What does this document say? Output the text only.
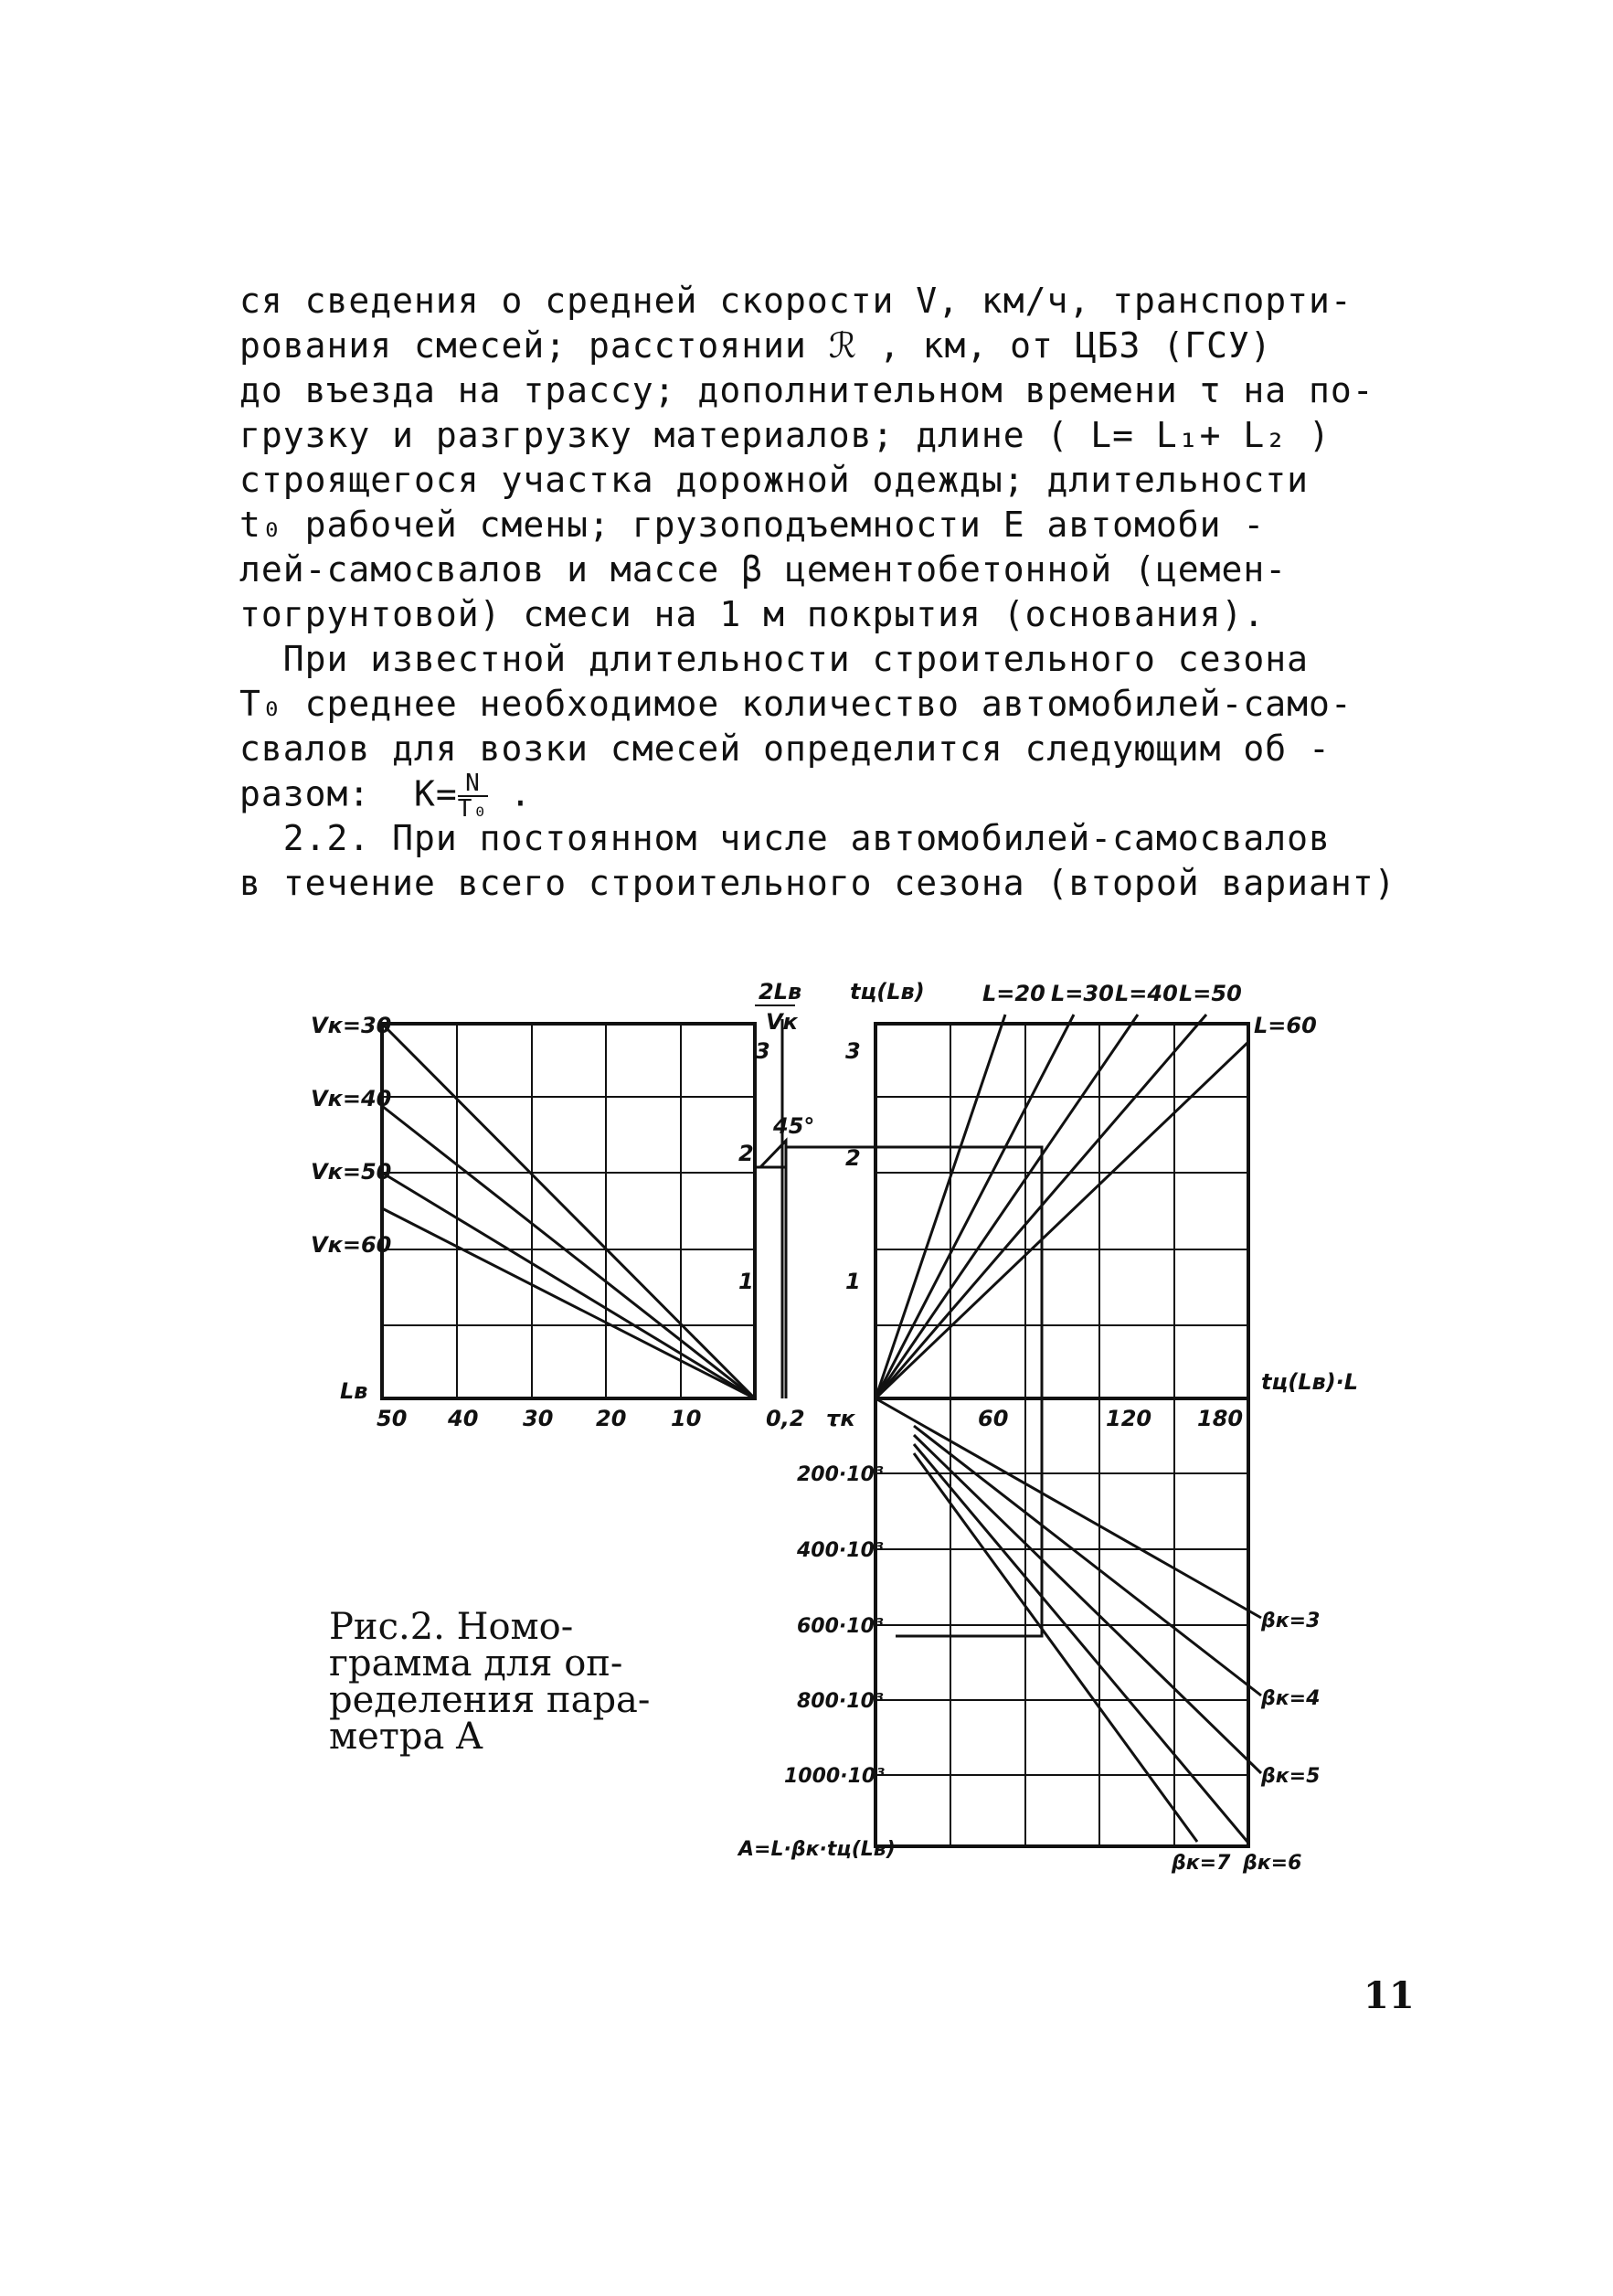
ся сведения о средней скорости V, км/ч, транспорти-
рования смесей; расстоянии ℛ , км, от ЦБЗ (ГСУ)
до въезда на трассу; дополнительном времени τ на по-
грузку и разгрузку материалов; длине ( L= L₁+ L₂ )
строящегося участка дорожной одежды; длительности
t₀ рабочей смены; грузоподъемности E автомоби -
лей-самосвалов и массе β цементобетонной (цемен-
тогрунтовой) смеси на 1 м покрытия (основания).
При известной длительности строительного сезона
T₀ среднее необходимое количество автомобилей-само-
свалов для возки смесей определится следующим об -
разом:  $K= \frac{N}{\text{T₀}}$ .
2.2. При постоянном числе автомобилей-самосвалов
в течение всего строительного сезона (второй вариант)
Vк=30
Vк=40
Vк=50
Vк=60
Lв
50 40 30 20 10	0,2 τк
2Lв
Vк
3
2
1
45°
tц(Lв)
3
2
1
L=20 L=30 L=40 L=50
L=60
tц(Lв)·L
60	120 180
200·10³
400·10³
600·10³
800·10³
1000·10³
A=L·βк·tц(Lв)
βк=3
βк=4
βк=5
βк=7 βк=6
Рис.2. Номо-
грамма для оп-
ределения пара-
метра A
11
